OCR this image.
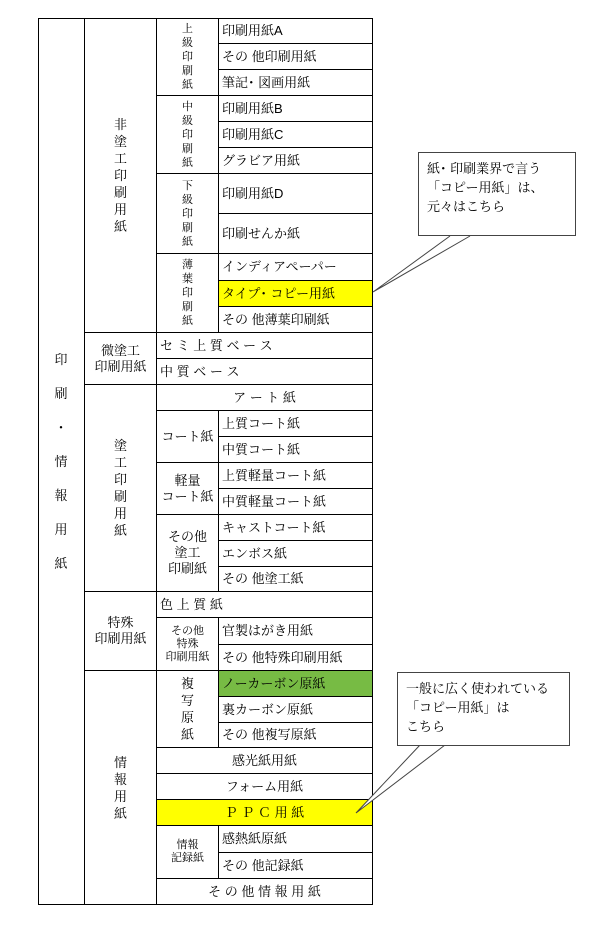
印

刷

・

情

報

用

紙
非
塗
工
印
刷
用
紙
微塗工
印刷用紙
塗
工
印
刷
用
紙
特殊
印刷用紙
情
報
用
紙
上
級
印
刷
紙
中
級
印
刷
紙
下
級
印
刷
紙
薄
葉
印
刷
紙
コート紙
軽量
コート紙
その他
塗工
印刷紙
その他
特殊
印刷用紙
複
写
原
紙
情報
記録紙
印刷用紙A
その 他印刷用紙
筆記･ 図画用紙
印刷用紙B
印刷用紙C
グラビア用紙
印刷用紙D
印刷せんか紙
インディアペーパー
タイプ･ コピー用紙
その 他薄葉印刷紙
セ ミ 上 質 ベ ー ス
中 質 ベ ー ス
ア ー ト 紙
上質コート紙
中質コート紙
上質軽量コート紙
中質軽量コート紙
キャストコート紙
エンボス紙
その 他塗工紙
色 上 質 紙
官製はがき用紙
その 他特殊印刷用紙
ノーカーボン原紙
裏カーボン原紙
その 他複写原紙
感光紙用紙
フォーム用紙
Ｐ Ｐ Ｃ 用 紙
感熱紙原紙
その 他記録紙
そ の 他 情 報 用 紙
紙･ 印刷業界で言う
「コピー用紙」は、
元々はこちら
一般に広く使われている
「コピー用紙」は
こちら
